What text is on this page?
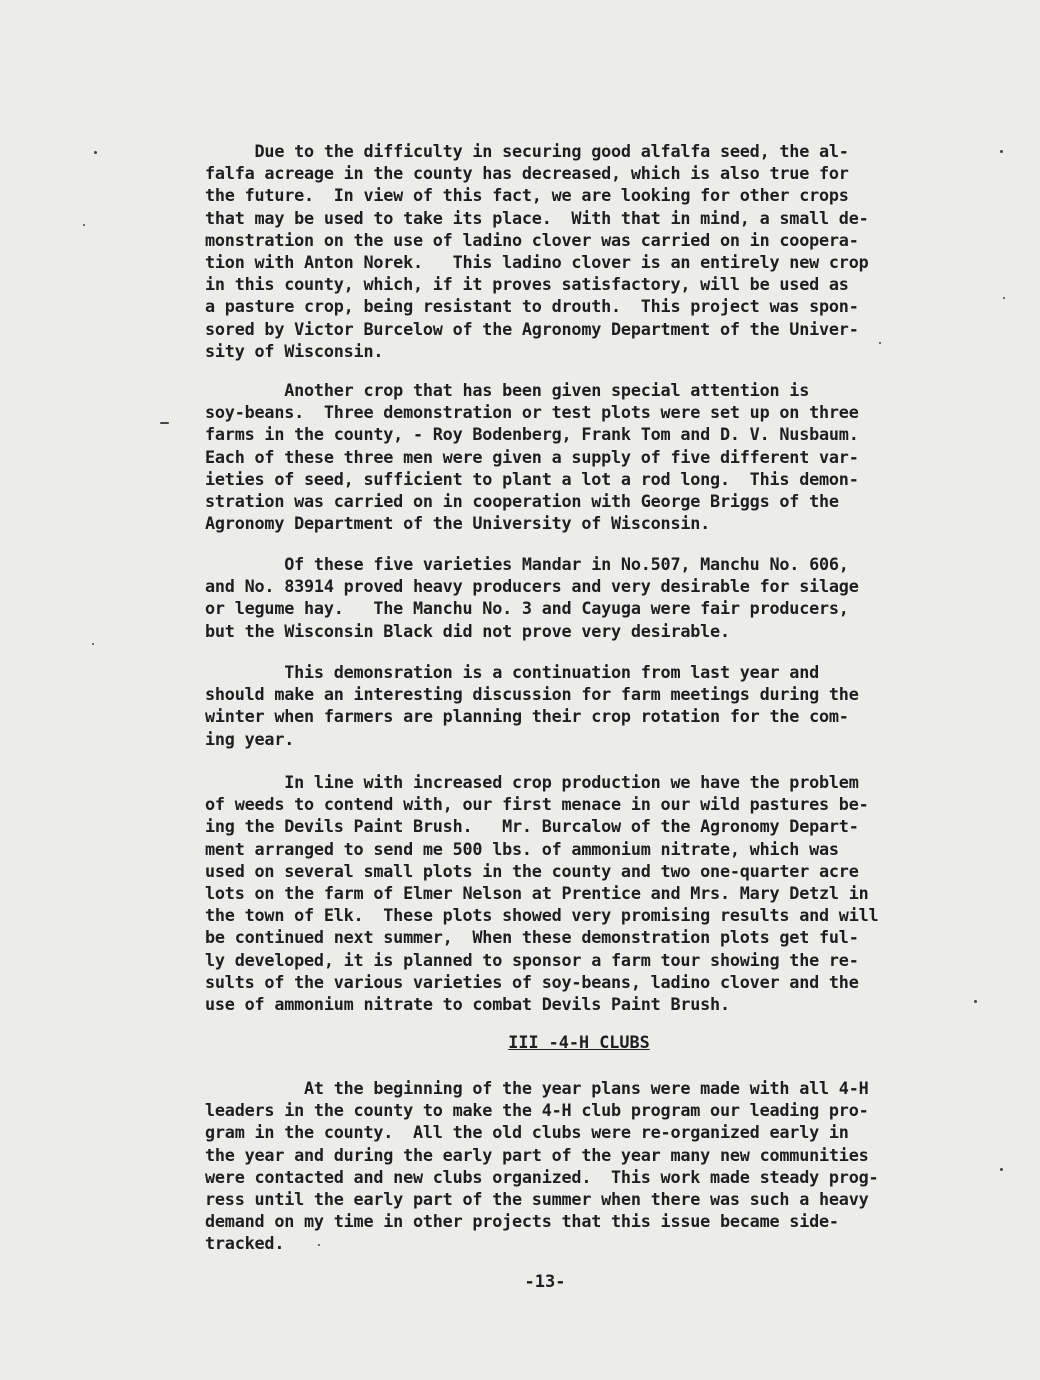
Due to the difficulty in securing good alfalfa seed, the al-

falfa acreage in the county has decreased, which is also true for

the future.  In view of this fact, we are looking for other crops

that may be used to take its place.  With that in mind, a small de-

monstration on the use of ladino clover was carried on in coopera-

tion with Anton Norek.   This ladino clover is an entirely new crop

in this county, which, if it proves satisfactory, will be used as

a pasture crop, being resistant to drouth.  This project was spon-

sored by Victor Burcelow of the Agronomy Department of the Univer-

sity of Wisconsin.

Another crop that has been given special attention is

soy-beans.  Three demonstration or test plots were set up on three

farms in the county, - Roy Bodenberg, Frank Tom and D. V. Nusbaum.

Each of these three men were given a supply of five different var-

ieties of seed, sufficient to plant a lot a rod long.  This demon-

stration was carried on in cooperation with George Briggs of the

Agronomy Department of the University of Wisconsin.

Of these five varieties Mandar in No.507, Manchu No. 606,

and No. 83914 proved heavy producers and very desirable for silage

or legume hay.   The Manchu No. 3 and Cayuga were fair producers,

but the Wisconsin Black did not prove very desirable.

This demonsration is a continuation from last year and

should make an interesting discussion for farm meetings during the

winter when farmers are planning their crop rotation for the com-

ing year.

In line with increased crop production we have the problem

of weeds to contend with, our first menace in our wild pastures be-

ing the Devils Paint Brush.   Mr. Burcalow of the Agronomy Depart-

ment arranged to send me 500 lbs. of ammonium nitrate, which was

used on several small plots in the county and two one-quarter acre

lots on the farm of Elmer Nelson at Prentice and Mrs. Mary Detzl in

the town of Elk.  These plots showed very promising results and will

be continued next summer,  When these demonstration plots get ful-

ly developed, it is planned to sponsor a farm tour showing the re-

sults of the various varieties of soy-beans, ladino clover and the

use of ammonium nitrate to combat Devils Paint Brush.

III -4-H CLUBS

At the beginning of the year plans were made with all 4-H

leaders in the county to make the 4-H club program our leading pro-

gram in the county.  All the old clubs were re-organized early in

the year and during the early part of the year many new communities

were contacted and new clubs organized.  This work made steady prog-

ress until the early part of the summer when there was such a heavy

demand on my time in other projects that this issue became side-

tracked.

-13-
